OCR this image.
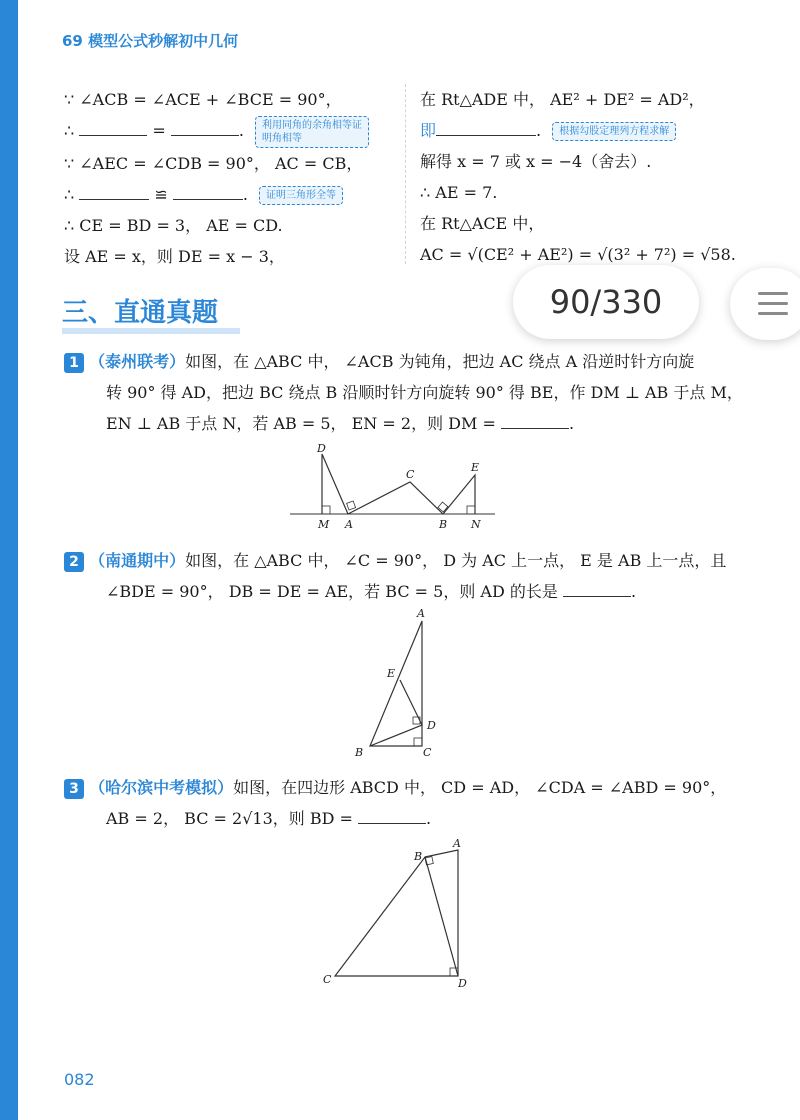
69 模型公式秒解初中几何
∵ ∠ACB = ∠ACE + ∠BCE = 90°，
∴	=	. 利用同角的余角相等证明角相等
∵ ∠AEC = ∠CDB = 90°， AC = CB，
∴	≌	. 证明三角形全等
∴ CE = BD = 3， AE = CD.
设 AE = x，则 DE = x − 3，
在 Rt△ADE 中， AE² + DE² = AD²，
即	. 根据勾股定理列方程求解
解得 x = 7 或 x = −4（舍去）.
∴ AE = 7.
在 Rt△ACE 中，
AC = √(CE² + AE²) = √(3² + 7²) = √58.
三、直通真题	90/330
1 （泰州联考）如图，在 △ABC 中， ∠ACB 为钝角，把边 AC 绕点 A 沿逆时针方向旋
转 90° 得 AD，把边 BC 绕点 B 沿顺时针方向旋转 90° 得 BE，作 DM ⊥ AB 于点 M，
EN ⊥ AB 于点 N，若 AB = 5， EN = 2，则 DM =	.
D
C
E
M A	B N
2 （南通期中）如图，在 △ABC 中， ∠C = 90°， D 为 AC 上一点， E 是 AB 上一点，且
∠BDE = 90°， DB = DE = AE，若 BC = 5，则 AD 的长是	.
A
E
D
B	C
3 （哈尔滨中考模拟）如图，在四边形 ABCD 中， CD = AD， ∠CDA = ∠ABD = 90°，
AB = 2， BC = 2√13，则 BD =	.
B
A
C	D
082
